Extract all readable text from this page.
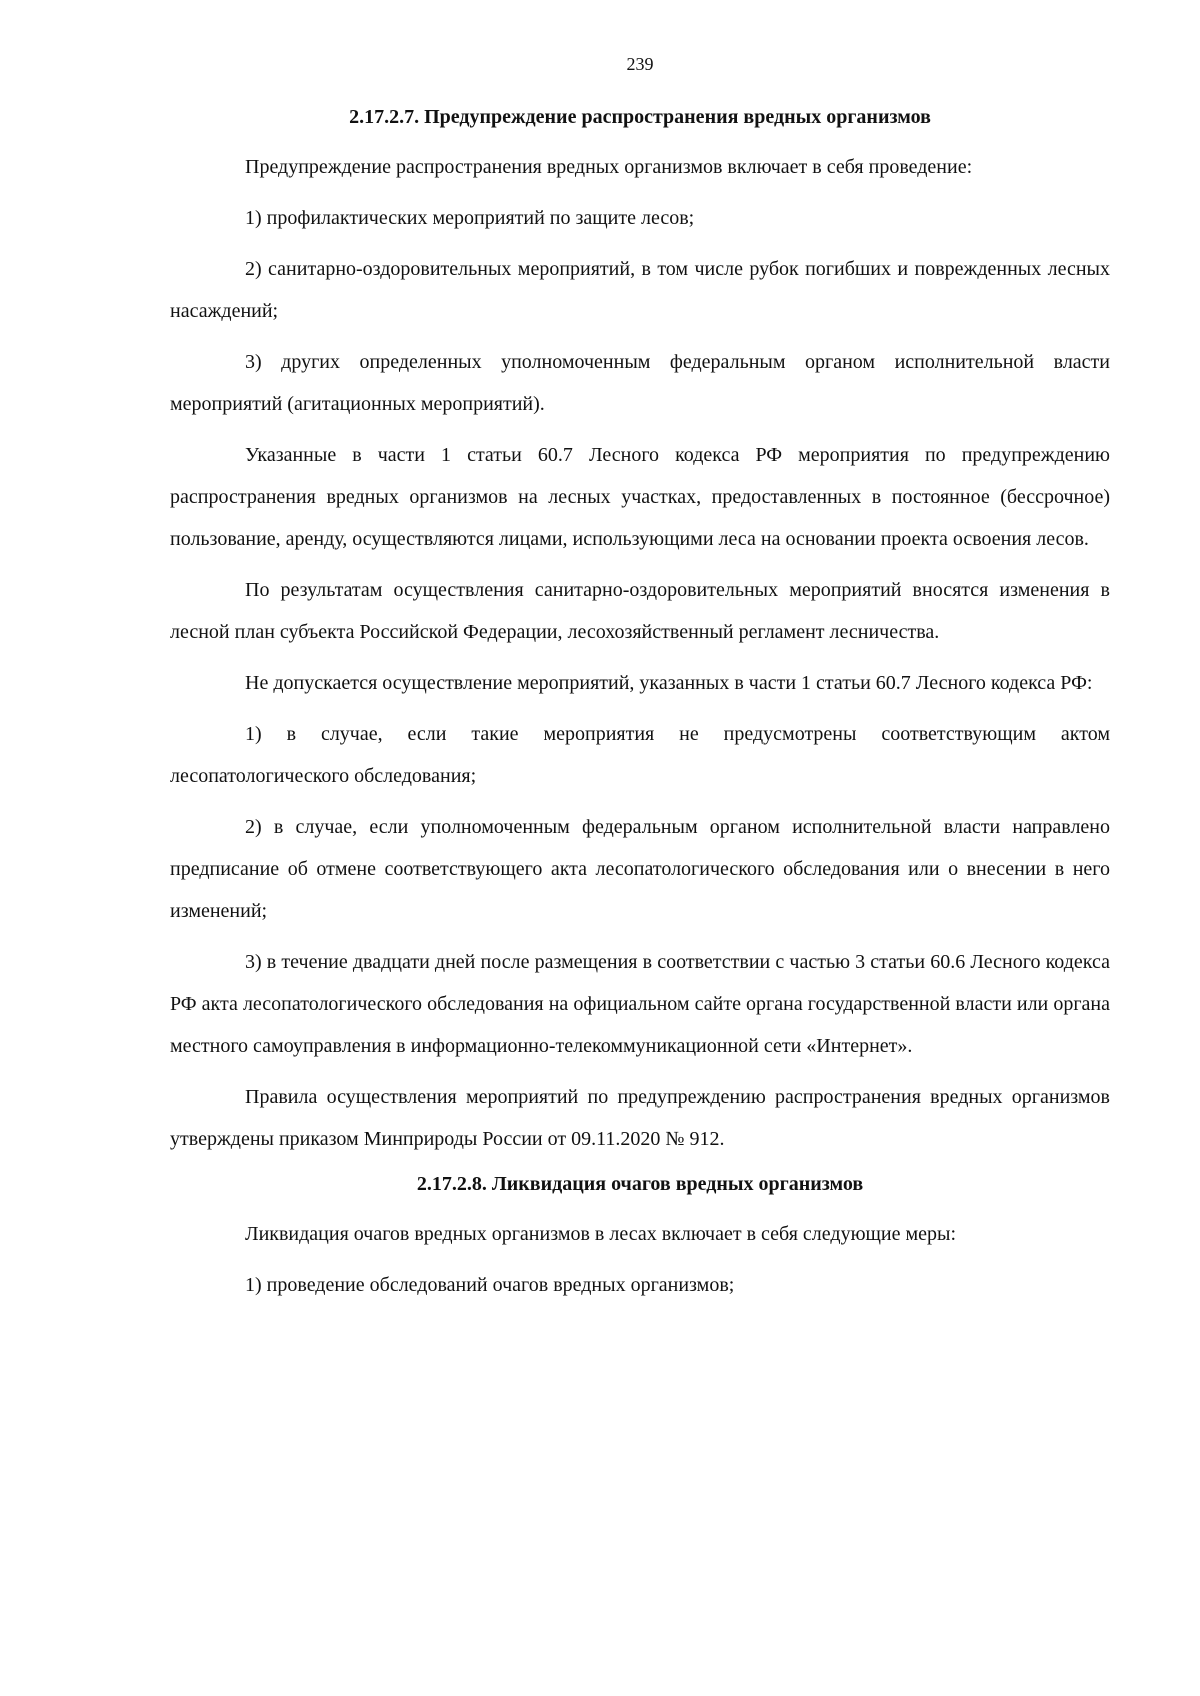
239
2.17.2.7. Предупреждение распространения вредных организмов

Предупреждение распространения вредных организмов включает в себя проведение:

1) профилактических мероприятий по защите лесов;

2) санитарно-оздоровительных мероприятий, в том числе рубок погибших и поврежденных лесных насаждений;

3) других определенных уполномоченным федеральным органом исполнительной власти мероприятий (агитационных мероприятий).

Указанные в части 1 статьи 60.7 Лесного кодекса РФ мероприятия по предупреждению распространения вредных организмов на лесных участках, предоставленных в постоянное (бессрочное) пользование, аренду, осуществляются лицами, использующими леса на основании проекта освоения лесов.

По результатам осуществления санитарно-оздоровительных мероприятий вносятся изменения в лесной план субъекта Российской Федерации, лесохозяйственный регламент лесничества.

Не допускается осуществление мероприятий, указанных в части 1 статьи 60.7 Лесного кодекса РФ:

1) в случае, если такие мероприятия не предусмотрены соответствующим актом лесопатологического обследования;

2) в случае, если уполномоченным федеральным органом исполнительной власти направлено предписание об отмене соответствующего акта лесопатологического обследования или о внесении в него изменений;

3) в течение двадцати дней после размещения в соответствии с частью 3 статьи 60.6 Лесного кодекса РФ акта лесопатологического обследования на официальном сайте органа государственной власти или органа местного самоуправления в информационно-телекоммуникационной сети «Интернет».

Правила осуществления мероприятий по предупреждению распространения вредных организмов утверждены приказом Минприроды России от 09.11.2020 № 912.

2.17.2.8. Ликвидация очагов вредных организмов

Ликвидация очагов вредных организмов в лесах включает в себя следующие меры:

1) проведение обследований очагов вредных организмов;
